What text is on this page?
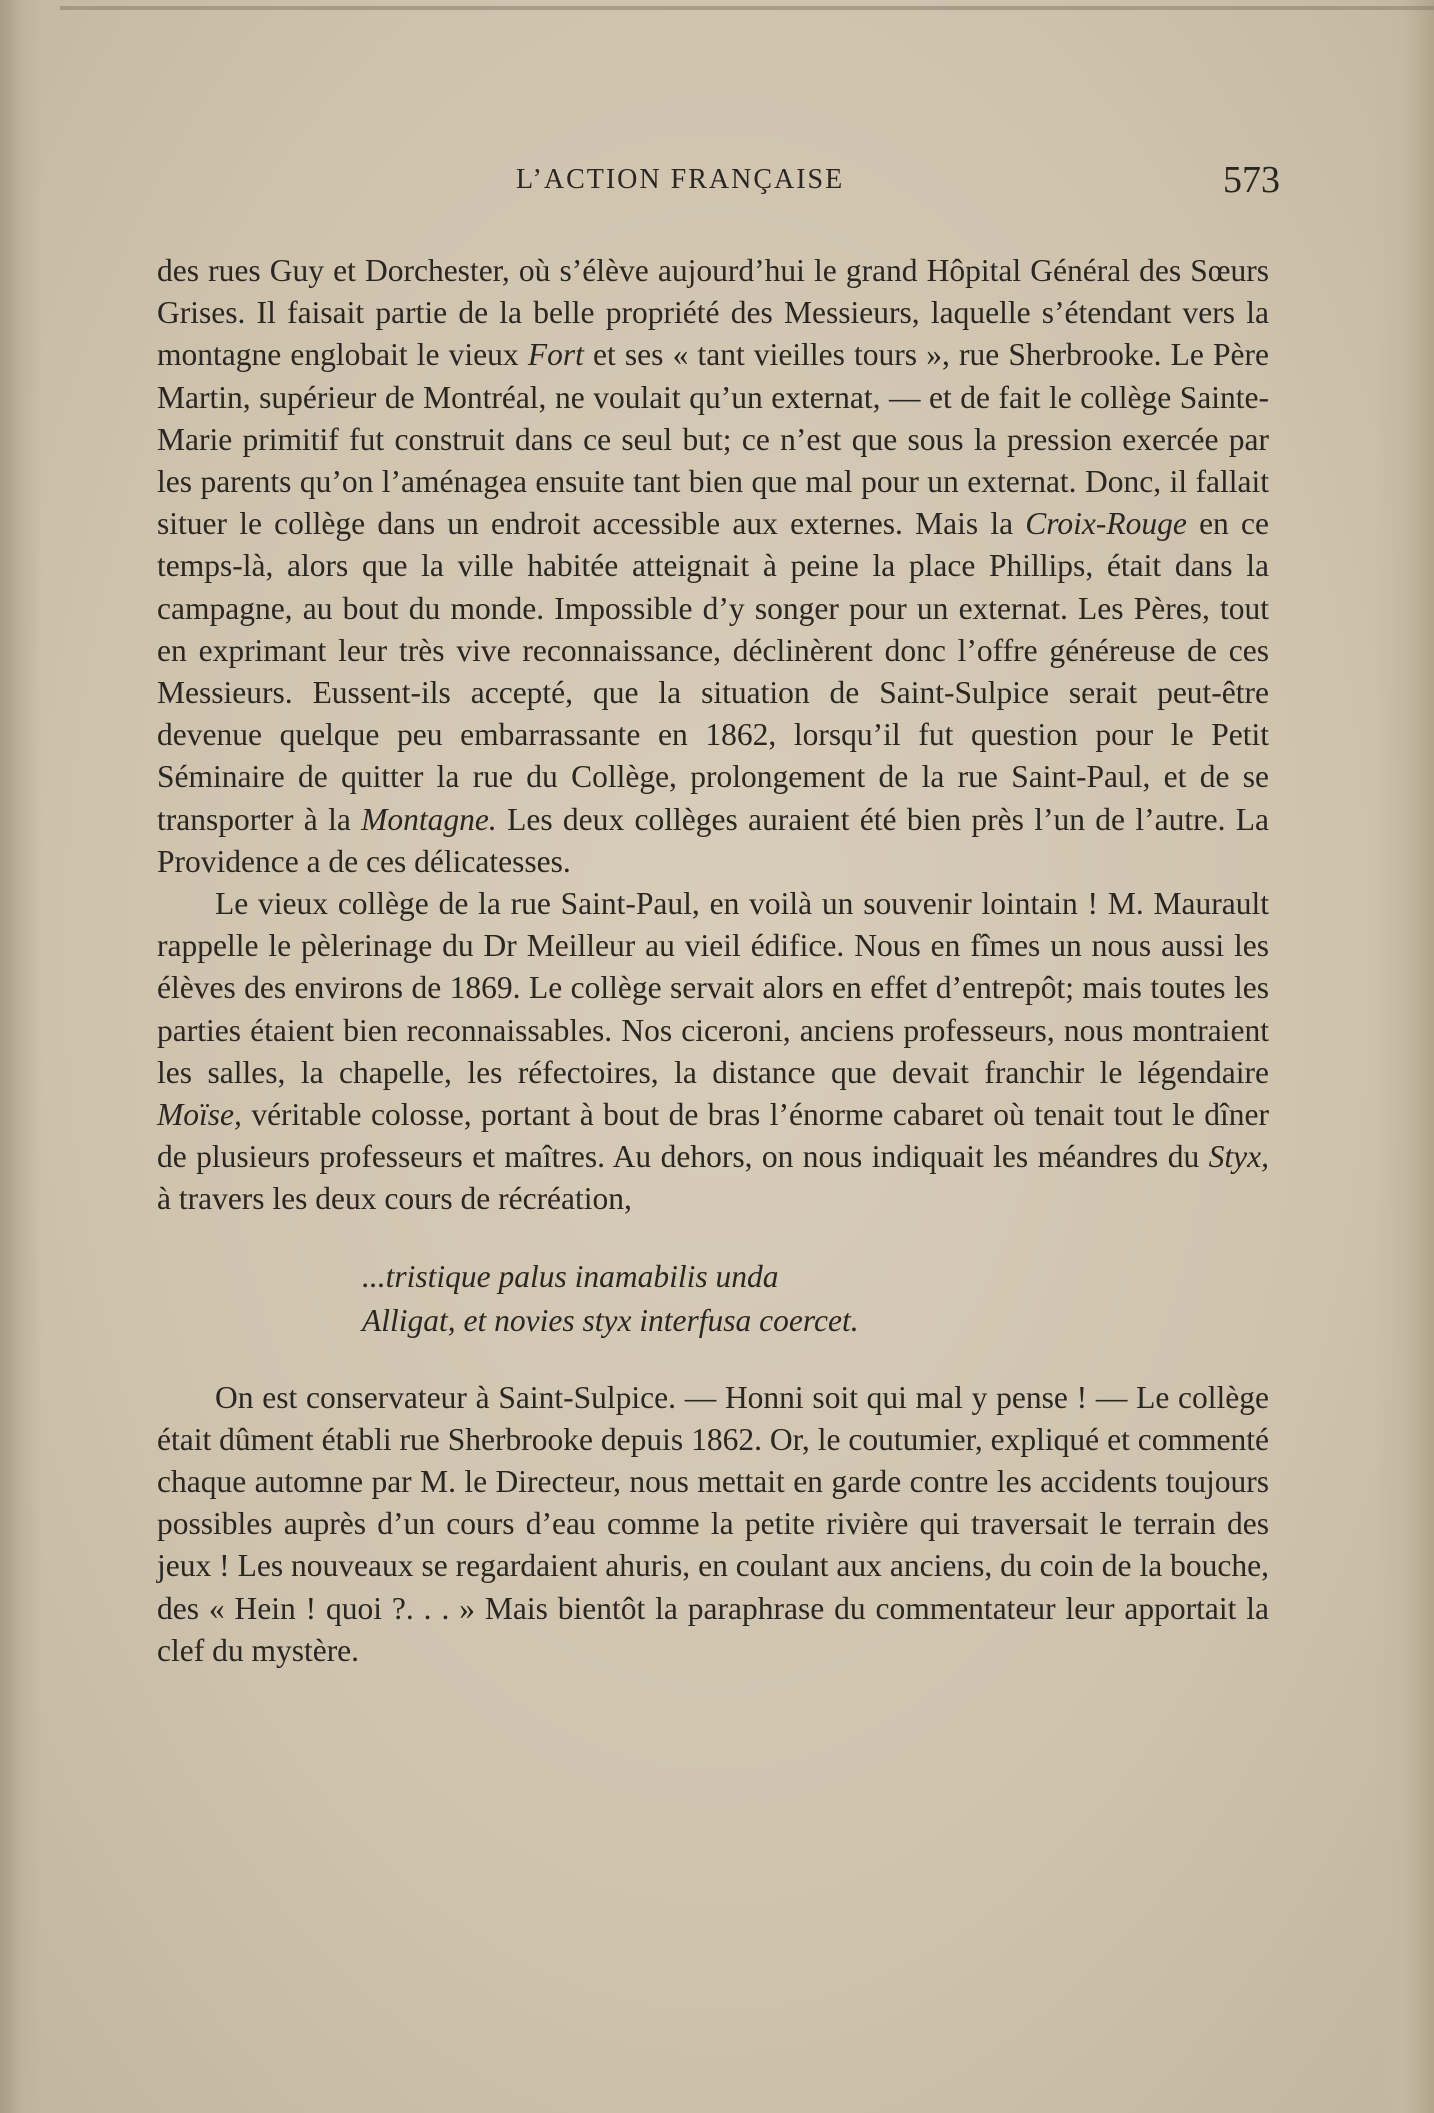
L’ACTION FRANÇAISE	573

des rues Guy et Dorchester, où s’élève aujourd’hui le grand Hôpital Général des Sœurs Grises. Il faisait partie de la belle propriété des Messieurs, laquelle s’étendant vers la montagne englobait le vieux Fort et ses « tant vieilles tours », rue Sherbrooke. Le Père Martin, supérieur de Montréal, ne voulait qu’un externat, — et de fait le collège Sainte-Marie primitif fut construit dans ce seul but; ce n’est que sous la pression exercée par les parents qu’on l’aménagea ensuite tant bien que mal pour un externat. Donc, il fallait situer le collège dans un endroit accessible aux externes. Mais la Croix-Rouge en ce temps-là, alors que la ville habitée atteignait à peine la place Phillips, était dans la campagne, au bout du monde. Impossible d’y songer pour un externat. Les Pères, tout en exprimant leur très vive reconnaissance, déclinèrent donc l’offre généreuse de ces Messieurs. Eussent-ils accepté, que la situation de Saint-Sulpice serait peut-être devenue quelque peu embarrassante en 1862, lorsqu’il fut question pour le Petit Séminaire de quitter la rue du Collège, prolongement de la rue Saint-Paul, et de se transporter à la Montagne. Les deux collèges auraient été bien près l’un de l’autre. La Providence a de ces délicatesses.

Le vieux collège de la rue Saint-Paul, en voilà un souvenir lointain ! M. Maurault rappelle le pèlerinage du Dr Meilleur au vieil édifice. Nous en fîmes un nous aussi les élèves des environs de 1869. Le collège servait alors en effet d’entrepôt; mais toutes les parties étaient bien reconnaissables. Nos ciceroni, anciens professeurs, nous montraient les salles, la chapelle, les réfectoires, la distance que devait franchir le légendaire Moïse, véritable colosse, portant à bout de bras l’énorme cabaret où tenait tout le dîner de plusieurs professeurs et maîtres. Au dehors, on nous indiquait les méandres du Styx, à travers les deux cours de récréation,

...tristique palus inamabilis unda
Alligat, et novies styx interfusa coercet.

On est conservateur à Saint-Sulpice. — Honni soit qui mal y pense ! — Le collège était dûment établi rue Sherbrooke depuis 1862. Or, le coutumier, expliqué et commenté chaque automne par M. le Directeur, nous mettait en garde contre les accidents toujours possibles auprès d’un cours d’eau comme la petite rivière qui traversait le terrain des jeux ! Les nouveaux se regardaient ahuris, en coulant aux anciens, du coin de la bouche, des « Hein ! quoi ?. . . » Mais bientôt la paraphrase du commentateur leur apportait la clef du mystère.
